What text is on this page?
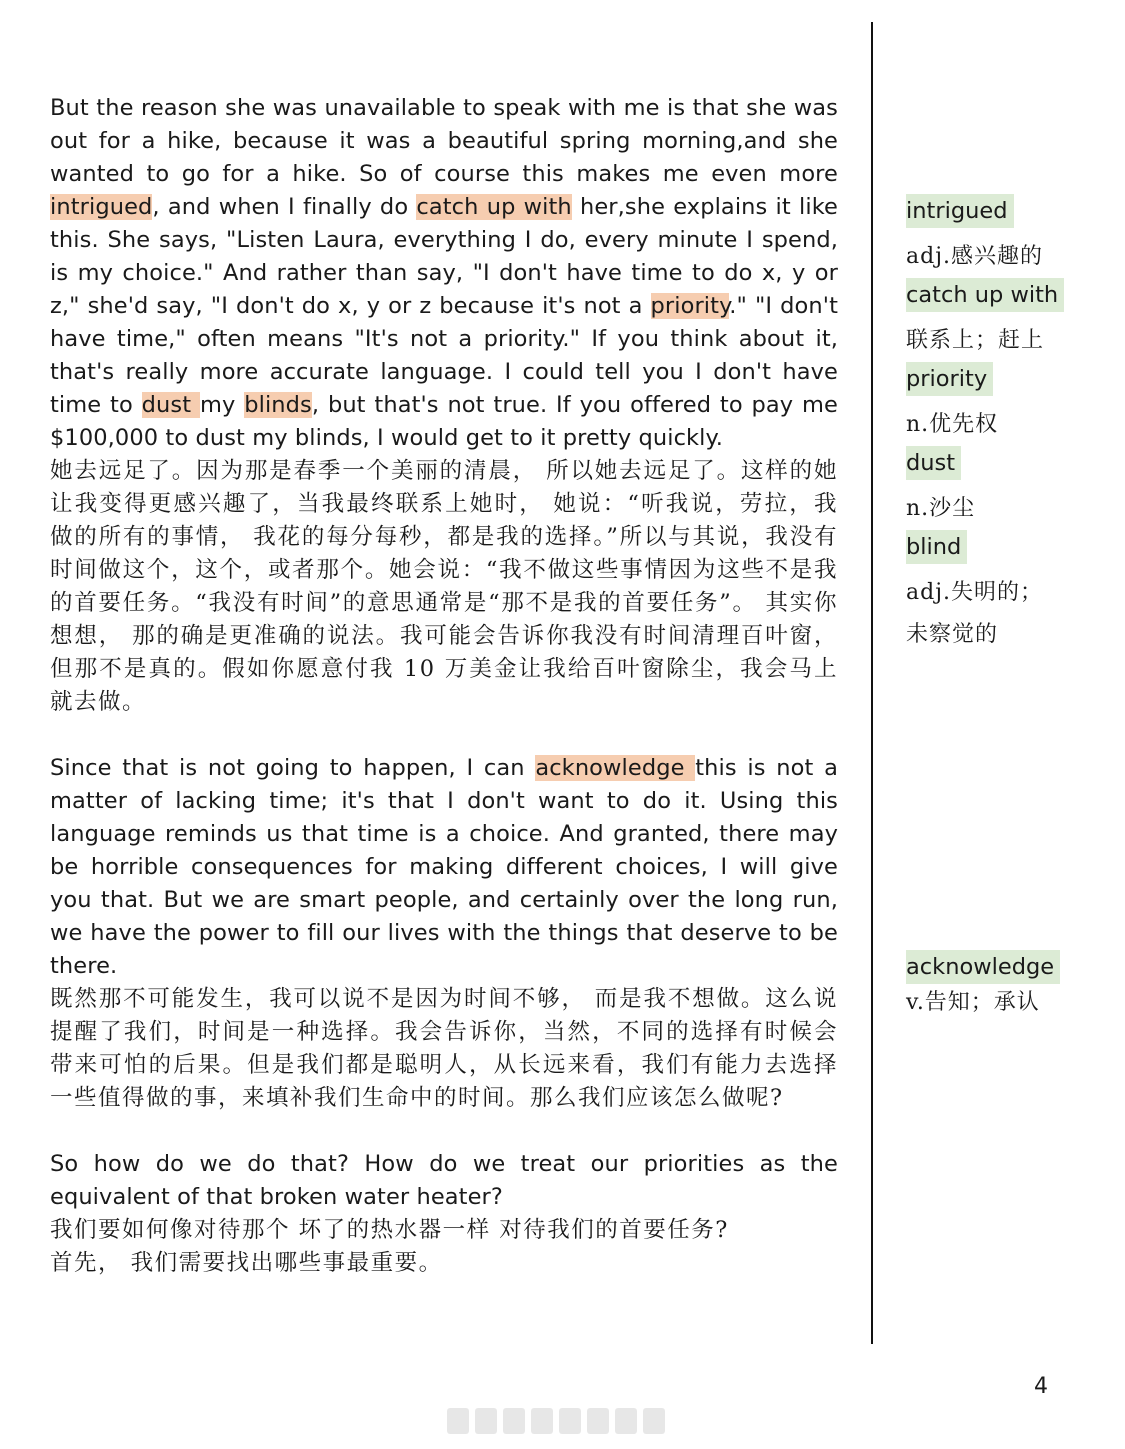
But the reason she was unavailable to speak with me is that she was out for a hike, because it was a beautiful spring morning,and she wanted to go for a hike. So of course this makes me even more intrigued, and when I finally do catch up with her,she explains it like this. She says, "Listen Laura, everything I do, every minute I spend, is my choice." And rather than say, "I don't have time to do x, y or z," she'd say, "I don't do x, y or z because it's not a priority." "I don't have time," often means "It's not a priority." If you think about it, that's really more accurate language. I could tell you I don't have time to dust my blinds, but that's not true. If you offered to pay me $100,000 to dust my blinds, I would get to it pretty quickly.

她去远足了。因为那是春季一个美丽的清晨， 所以她去远足了。这样的她让我变得更感兴趣了，当我最终联系上她时， 她说：“听我说，劳拉，我做的所有的事情， 我花的每分每秒，都是我的选择。”所以与其说，我没有时间做这个，这个，或者那个。她会说：“我不做这些事情因为这些不是我的首要任务。“我没有时间”的意思通常是“那不是我的首要任务”。 其实你想想， 那的确是更准确的说法。我可能会告诉你我没有时间清理百叶窗，但那不是真的。假如你愿意付我 10 万美金让我给百叶窗除尘，我会马上就去做。

Since that is not going to happen, I can acknowledge this is not a matter of lacking time; it's that I don't want to do it. Using this language reminds us that time is a choice. And granted, there may be horrible consequences for making different choices, I will give you that. But we are smart people, and certainly over the long run, we have the power to fill our lives with the things that deserve to be there.

既然那不可能发生，我可以说不是因为时间不够， 而是我不想做。这么说提醒了我们，时间是一种选择。我会告诉你，当然，不同的选择有时候会带来可怕的后果。但是我们都是聪明人，从长远来看，我们有能力去选择一些值得做的事，来填补我们生命中的时间。那么我们应该怎么做呢?

So how do we do that? How do we treat our priorities as the equivalent of that broken water heater?

我们要如何像对待那个 坏了的热水器一样 对待我们的首要任务?

首先， 我们需要找出哪些事最重要。

intrigued

adj.感兴趣的

catch up with

联系上；赶上

priority

n.优先权

dust

n.沙尘

blind

adj.失明的；

未察觉的

acknowledge

v.告知；承认

4
